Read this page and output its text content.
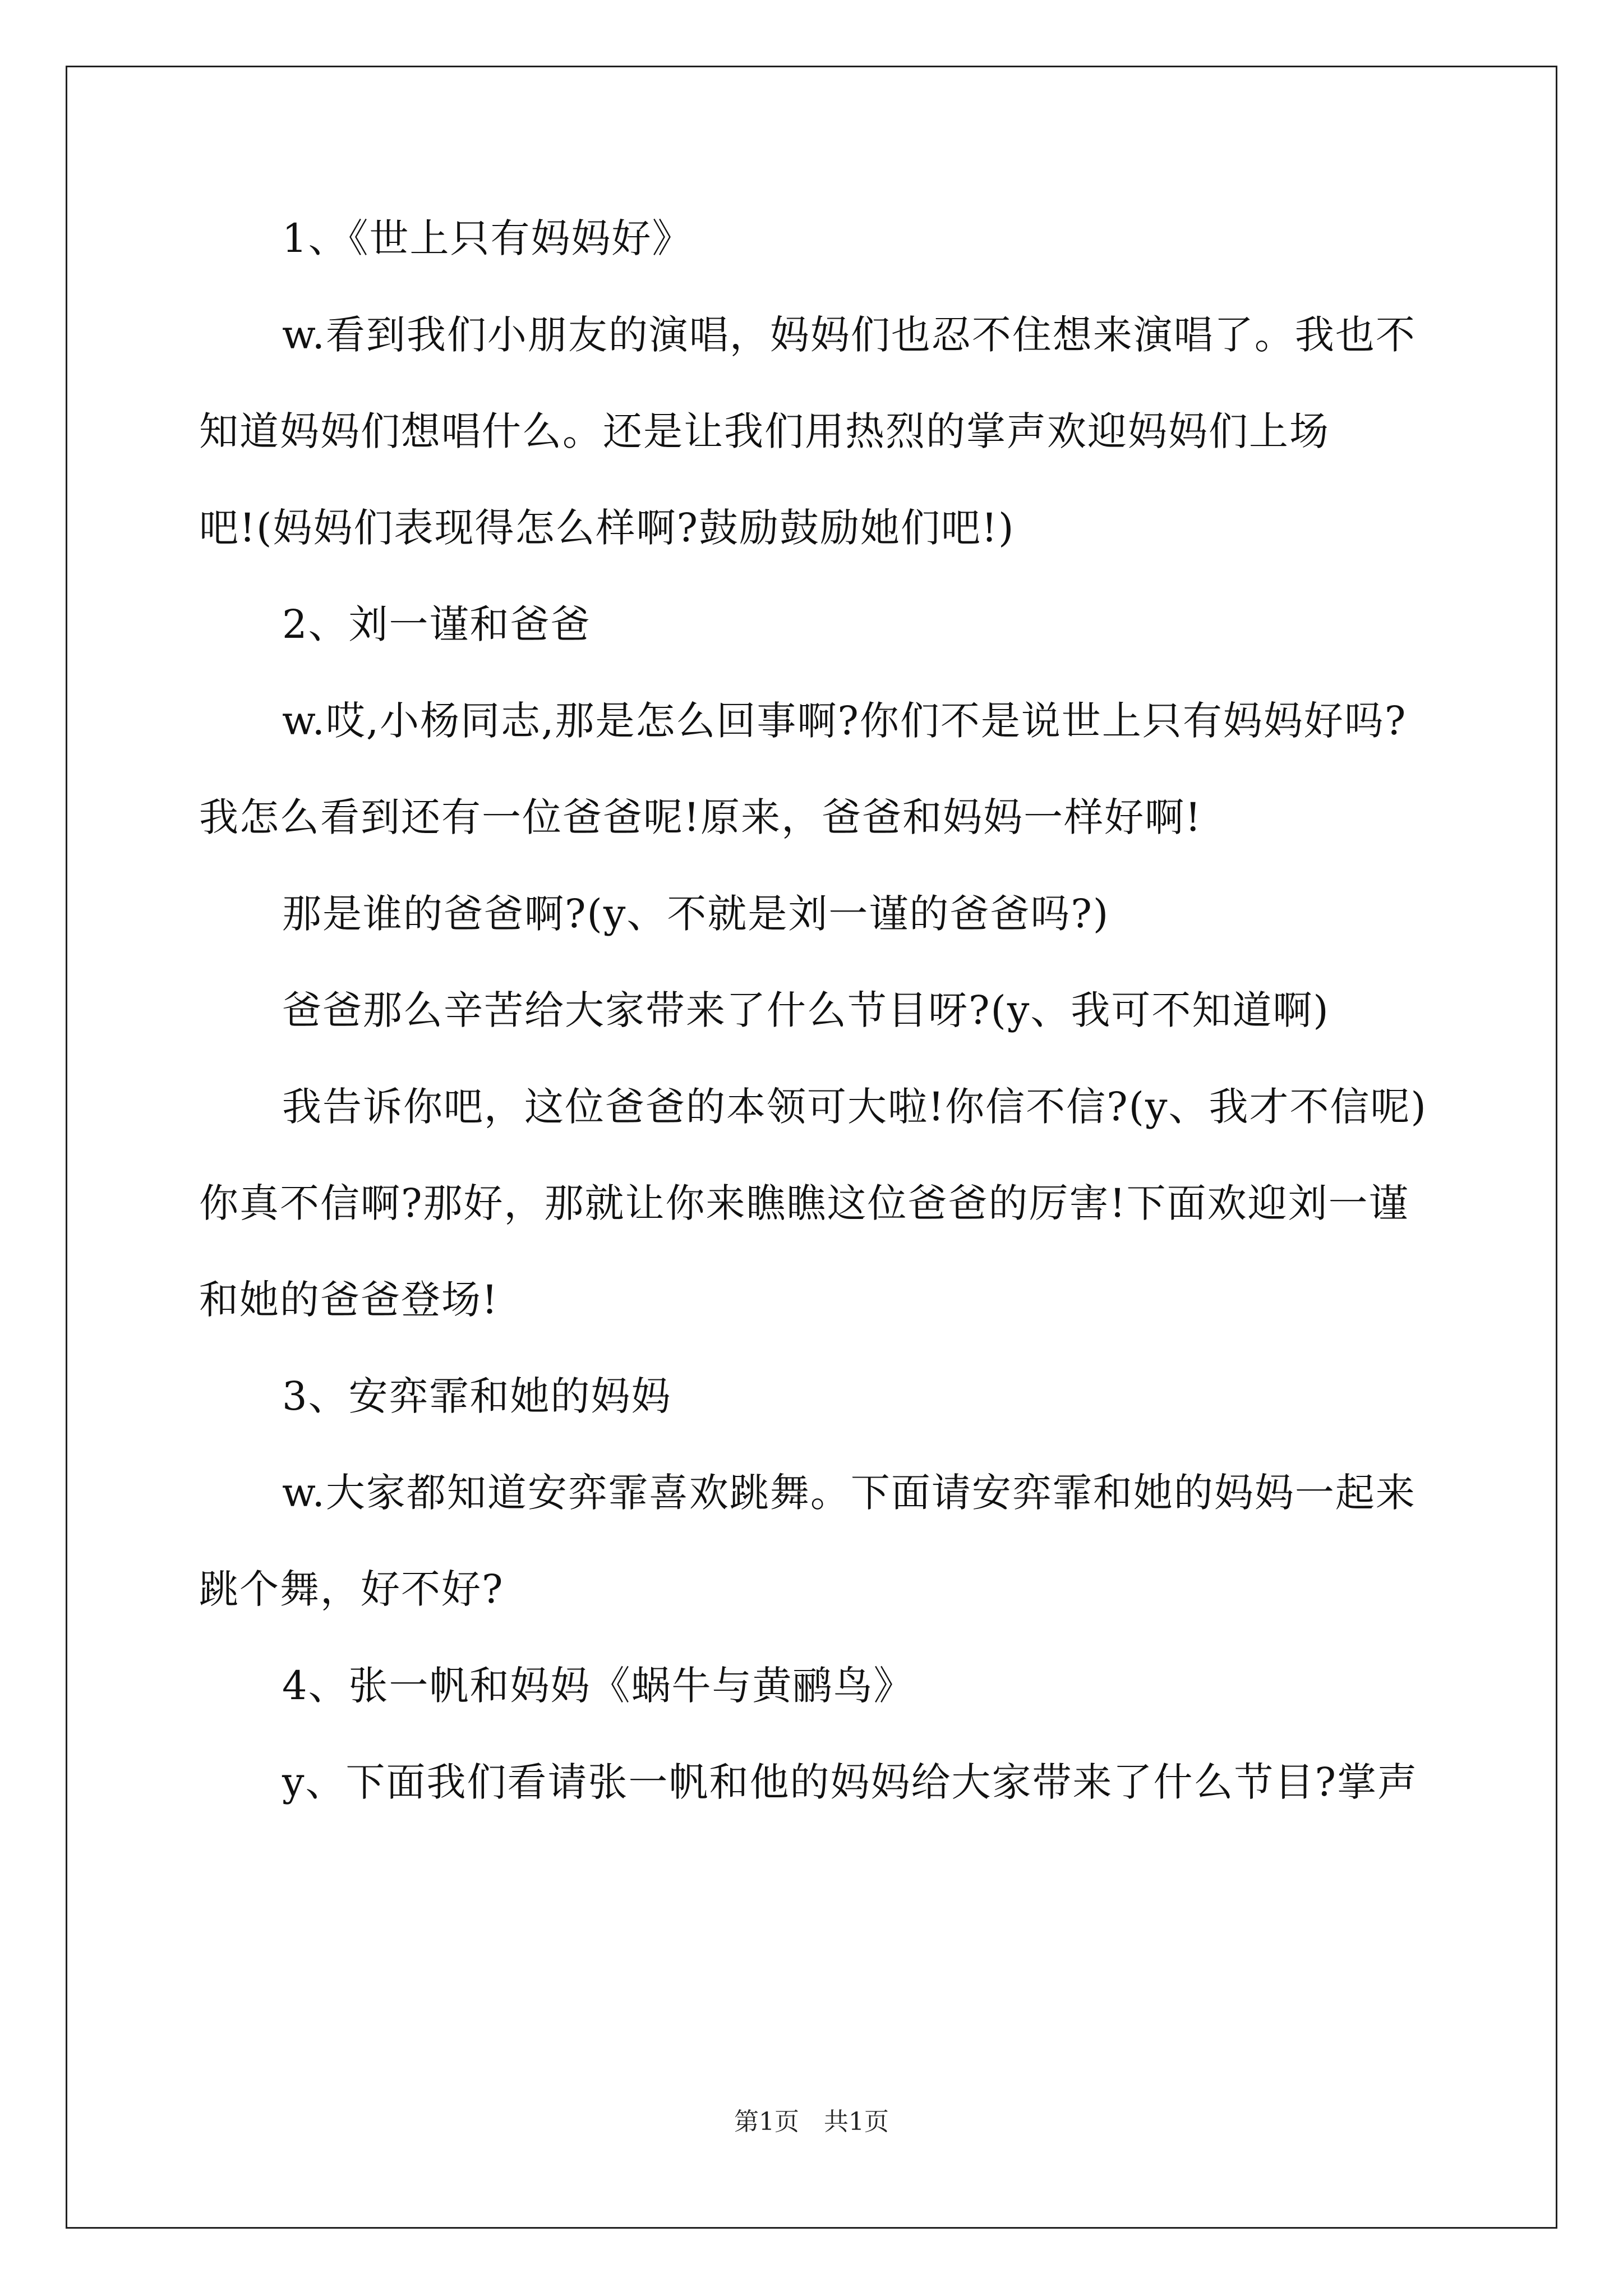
1、《世上只有妈妈好》
w.看到我们小朋友的演唱，妈妈们也忍不住想来演唱了。我也不
知道妈妈们想唱什么。还是让我们用热烈的掌声欢迎妈妈们上场
吧!(妈妈们表现得怎么样啊?鼓励鼓励她们吧!)
2、刘一谨和爸爸
w.哎,小杨同志,那是怎么回事啊?你们不是说世上只有妈妈好吗?
我怎么看到还有一位爸爸呢!原来，爸爸和妈妈一样好啊!
那是谁的爸爸啊?(y、不就是刘一谨的爸爸吗?)
爸爸那么辛苦给大家带来了什么节目呀?(y、我可不知道啊)
我告诉你吧，这位爸爸的本领可大啦!你信不信?(y、我才不信呢)
你真不信啊?那好，那就让你来瞧瞧这位爸爸的厉害!下面欢迎刘一谨
和她的爸爸登场!
3、安弈霏和她的妈妈
w.大家都知道安弈霏喜欢跳舞。下面请安弈霏和她的妈妈一起来
跳个舞，好不好?
4、张一帆和妈妈《蜗牛与黄鹂鸟》
y、下面我们看请张一帆和他的妈妈给大家带来了什么节目?掌声
第1页　共1页
